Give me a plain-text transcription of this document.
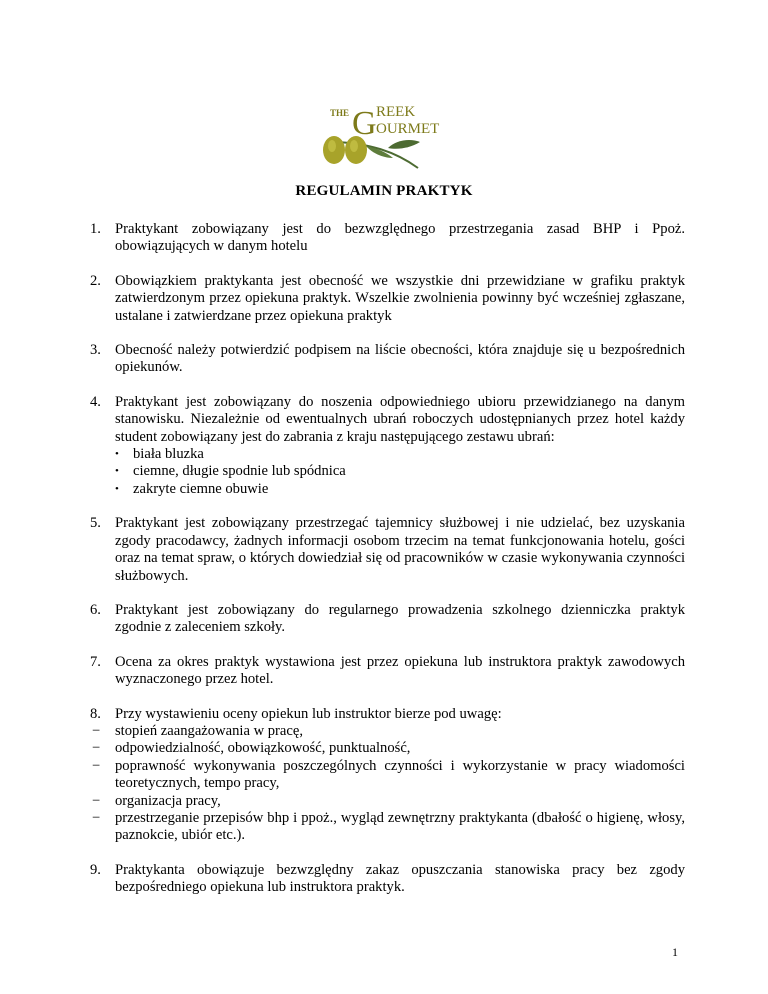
THE G REEK
OURMET
REGULAMIN PRAKTYK
1. Praktykant zobowiązany jest do bezwzględnego przestrzegania zasad BHP i Ppoż. obowiązujących w danym hotelu
2. Obowiązkiem praktykanta jest obecność we wszystkie dni przewidziane w grafiku praktyk zatwierdzonym przez opiekuna praktyk. Wszelkie zwolnienia powinny być wcześniej zgłaszane, ustalane i zatwierdzane przez opiekuna praktyk
3. Obecność należy potwierdzić podpisem na liście obecności, która znajduje się u bezpośrednich opiekunów.
4. Praktykant jest zobowiązany do noszenia odpowiedniego ubioru przewidzianego na danym stanowisku. Niezależnie od ewentualnych ubrań roboczych udostępnianych przez hotel każdy student zobowiązany jest do zabrania z kraju następującego zestawu ubrań:
• biała bluzka
• ciemne, długie spodnie lub spódnica
• zakryte ciemne obuwie
5. Praktykant jest zobowiązany przestrzegać tajemnicy służbowej i nie udzielać, bez uzyskania zgody pracodawcy, żadnych informacji osobom trzecim na temat funkcjonowania hotelu, gości oraz na temat spraw, o których dowiedział się od pracowników w czasie wykonywania czynności służbowych.
6. Praktykant jest zobowiązany do regularnego prowadzenia szkolnego dzienniczka praktyk zgodnie z zaleceniem szkoły.
7. Ocena za okres praktyk wystawiona jest przez opiekuna lub instruktora praktyk zawodowych wyznaczonego przez hotel.
8. Przy wystawieniu oceny opiekun lub instruktor bierze pod uwagę:
− stopień zaangażowania w pracę,
− odpowiedzialność, obowiązkowość, punktualność,
− poprawność wykonywania poszczególnych czynności i wykorzystanie w pracy wiadomości teoretycznych, tempo pracy,
− organizacja pracy,
− przestrzeganie przepisów bhp i ppoż., wygląd zewnętrzny praktykanta (dbałość o higienę, włosy, paznokcie, ubiór etc.).
9. Praktykanta obowiązuje bezwzględny zakaz opuszczania stanowiska pracy bez zgody bezpośredniego opiekuna lub instruktora praktyk.
1
